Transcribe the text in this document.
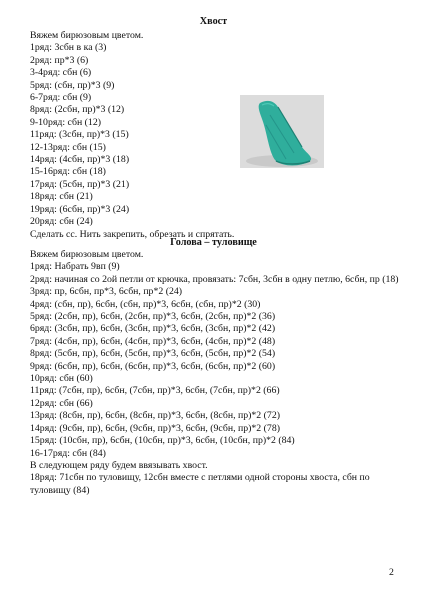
Хвост
Вяжем бирюзовым цветом.
1ряд: 3сбн в ка (3)
2ряд: пр*3 (6)
3-4ряд: сбн (6)
5ряд: (сбн, пр)*3 (9)
6-7ряд: сбн (9)
8ряд: (2сбн, пр)*3 (12)
9-10ряд: сбн (12)
11ряд: (3сбн, пр)*3 (15)
12-13ряд: сбн (15)
14ряд: (4сбн, пр)*3 (18)
15-16ряд: сбн (18)
17ряд: (5сбн, пр)*3 (21)
18ряд: сбн (21)
19ряд: (6сбн, пр)*3 (24)
20ряд: сбн (24)
Сделать сс. Нить закрепить, обрезать и спрятать.
Голова – туловище
Вяжем бирюзовым цветом.
1ряд: Набрать 9вп (9)
2ряд: начиная со 2ой петли от крючка, провязать: 7сбн, 3сбн в одну петлю, 6сбн, пр (18)
3ряд: пр, 6сбн, пр*3, 6сбн, пр*2 (24)
4ряд: (сбн, пр), 6сбн, (сбн, пр)*3, 6сбн, (сбн, пр)*2 (30)
5ряд: (2сбн, пр), 6сбн, (2сбн, пр)*3, 6сбн, (2сбн, пр)*2 (36)
6ряд: (3сбн, пр), 6сбн, (3сбн, пр)*3, 6сбн, (3сбн, пр)*2 (42)
7ряд: (4сбн, пр), 6сбн, (4сбн, пр)*3, 6сбн, (4сбн, пр)*2 (48)
8ряд: (5сбн, пр), 6сбн, (5сбн, пр)*3, 6сбн, (5сбн, пр)*2 (54)
9ряд: (6сбн, пр), 6сбн, (6сбн, пр)*3, 6сбн, (6сбн, пр)*2 (60)
10ряд: сбн (60)
11ряд: (7сбн, пр), 6сбн, (7сбн, пр)*3, 6сбн, (7сбн, пр)*2 (66)
12ряд: сбн (66)
13ряд: (8сбн, пр), 6сбн, (8сбн, пр)*3, 6сбн, (8сбн, пр)*2 (72)
14ряд: (9сбн, пр), 6сбн, (9сбн, пр)*3, 6сбн, (9сбн, пр)*2 (78)
15ряд: (10сбн, пр), 6сбн, (10сбн, пр)*3, 6сбн, (10сбн, пр)*2 (84)
16-17ряд: сбн (84)
В следующем ряду будем ввязывать хвост.
18ряд: 71сбн по туловищу, 12сбн вместе с петлями одной стороны хвоста, сбн по туловищу (84)
2
